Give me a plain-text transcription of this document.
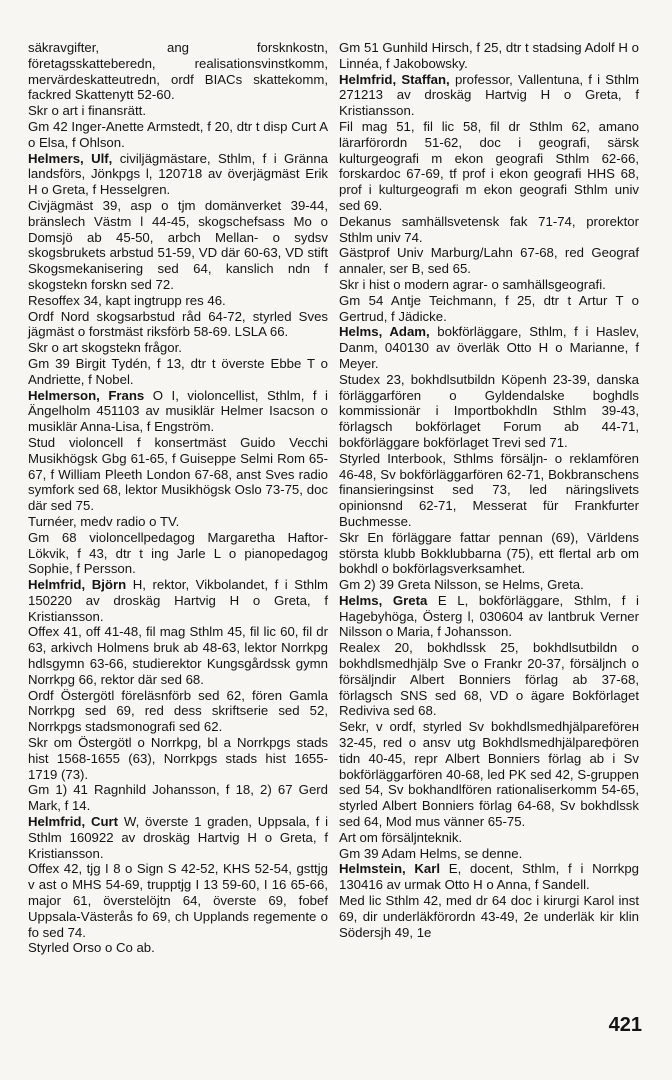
säkravgifter, ang forsknkostn, företagsskatteberedn, realisationsvinstkomm, mervärdeskatteutredn, ordf BIACs skattekomm, fackred Skattenytt 52-60.

Skr o art i finansrätt.

Gm 42 Inger-Anette Armstedt, f 20, dtr t disp Curt A o Elsa, f Ohlson.

Helmers, Ulf, civiljägmästare, Sthlm, f i Gränna landsförs, Jönkpgs l, 120718 av överjägmäst Erik H o Greta, f Hesselgren.

Civjägmäst 39, asp o tjm domänverket 39-44, bränslech Västm l 44-45, skogschefsass Mo o Domsjö ab 45-50, arbch Mellan- o sydsv skogsbrukets arbstud 51-59, VD där 60-63, VD stift Skogsmekanisering sed 64, kanslich ndn f skogstekn forskn sed 72.

Resoffex 34, kapt ingtrupp res 46.

Ordf Nord skogsarbstud råd 64-72, styrled Sves jägmäst o forstmäst riksförb 58-69. LSLA 66.

Skr o art skogstekn frågor.

Gm 39 Birgit Tydén, f 13, dtr t överste Ebbe T o Andriette, f Nobel.

Helmerson, Frans O I, violoncellist, Sthlm, f i Ängelholm 451103 av musiklär Helmer Isacson o musiklär Anna-Lisa, f Engström.

Stud violoncell f konsertmäst Guido Vecchi Musikhögsk Gbg 61-65, f Guiseppe Selmi Rom 65-67, f William Pleeth London 67-68, anst Sves radio symfork sed 68, lektor Musikhögsk Oslo 73-75, doc där sed 75.

Turnéer, medv radio o TV.

Gm 68 violoncellpedagog Margaretha Haftor-Lökvik, f 43, dtr t ing Jarle L o pianopedagog Sophie, f Persson.

Helmfrid, Björn H, rektor, Vikbolandet, f i Sthlm 150220 av droskäg Hartvig H o Greta, f Kristiansson.

Offex 41, off 41-48, fil mag Sthlm 45, fil lic 60, fil dr 63, arkivch Holmens bruk ab 48-63, lektor Norrkpg hdlsgymn 63-66, studierektor Kungsgårdssk gymn Norrkpg 66, rektor där sed 68.

Ordf Östergötl föreläsnförb sed 62, fören Gamla Norrkpg sed 69, red dess skriftserie sed 52, Norrkpgs stadsmonografi sed 62.

Skr om Östergötl o Norrkpg, bl a Norrkpgs stads hist 1568-1655 (63), Norrkpgs stads hist 1655-1719 (73).

Gm 1) 41 Ragnhild Johansson, f 18, 2) 67 Gerd Mark, f 14.

Helmfrid, Curt W, överste 1 graden, Uppsala, f i Sthlm 160922 av droskäg Hartvig H o Greta, f Kristiansson.

Offex 42, tjg I 8 o Sign S 42-52, KHS 52-54, gsttjg v ast o MHS 54-69, trupptjg I 13 59-60, I 16 65-66, major 61, överstelöjtn 64, överste 69, fobef Uppsala-Västerås fo 69, ch Upplands regemente o fo sed 74.

Styrled Orso o Co ab.

Gm 51 Gunhild Hirsch, f 25, dtr t stadsing Adolf H o Linnéa, f Jakobowsky.

Helmfrid, Staffan, professor, Vallentuna, f i Sthlm 271213 av droskäg Hartvig H o Greta, f Kristiansson.

Fil mag 51, fil lic 58, fil dr Sthlm 62, amano lärarförordn 51-62, doc i geografi, särsk kulturgeografi m ekon geografi Sthlm 62-66, forskardoc 67-69, tf prof i ekon geografi HHS 68, prof i kulturgeografi m ekon geografi Sthlm univ sed 69.

Dekanus samhällsvetensk fak 71-74, prorektor Sthlm univ 74.

Gästprof Univ Marburg/Lahn 67-68, red Geograf annaler, ser B, sed 65.

Skr i hist o modern agrar- o samhällsgeografi.

Gm 54 Antje Teichmann, f 25, dtr t Artur T o Gertrud, f Jädicke.

Helms, Adam, bokförläggare, Sthlm, f i Haslev, Danm, 040130 av överläk Otto H o Marianne, f Meyer.

Studex 23, bokhdlsutbildn Köpenh 23-39, danska förläggarfören o Gyldendalske boghdls kommissionär i Importbokhdln Sthlm 39-43, förlagsch bokförlaget Forum ab 44-71, bokförläggare bokförlaget Trevi sed 71.

Styrled Interbook, Sthlms försäljn- o reklamfören 46-48, Sv bokförläggarfören 62-71, Bokbranschens finansieringsinst sed 73, led näringslivets opinionsnd 62-71, Messerat für Frankfurter Buchmesse.

Skr En förläggare fattar pennan (69), Världens största klubb Bokklubbarna (75), ett flertal arb om bokhdl o bokförlagsverksamhet.

Gm 2) 39 Greta Nilsson, se Helms, Greta.

Helms, Greta E L, bokförläggare, Sthlm, f i Hagebyhöga, Österg l, 030604 av lantbruk Verner Nilsson o Maria, f Johansson.

Realex 20, bokhdlssk 25, bokhdlsutbildn o bokhdlsmedhjälp Sve o Frankr 20-37, försäljnch o försäljndir Albert Bonniers förlag ab 37-68, förlagsch SNS sed 68, VD o ägare Bokförlaget Rediviva sed 68.

Sekr, v ordf, styrled Sv bokhdlsmedhjälpareförен 32-45, red o ansv utg Bokhdlsmedhjälpareфören tidn 40-45, repr Albert Bonniers förlag ab i Sv bokförläggarfören 40-68, led PK sed 42, S-gruppen sed 54, Sv bokhandlfören rationaliserkomm 54-65, styrled Albert Bonniers förlag 64-68, Sv bokhdlssk sed 64, Mod mus vänner 65-75.

Art om försäljnteknik.

Gm 39 Adam Helms, se denne.

Helmstein, Karl E, docent, Sthlm, f i Norrkpg 130416 av urmak Otto H o Anna, f Sandell.

Med lic Sthlm 42, med dr 64 doc i kirurgi Karol inst 69, dir underläkförordn 43-49, 2e underläk kir klin Södersjh 49, 1e

421
